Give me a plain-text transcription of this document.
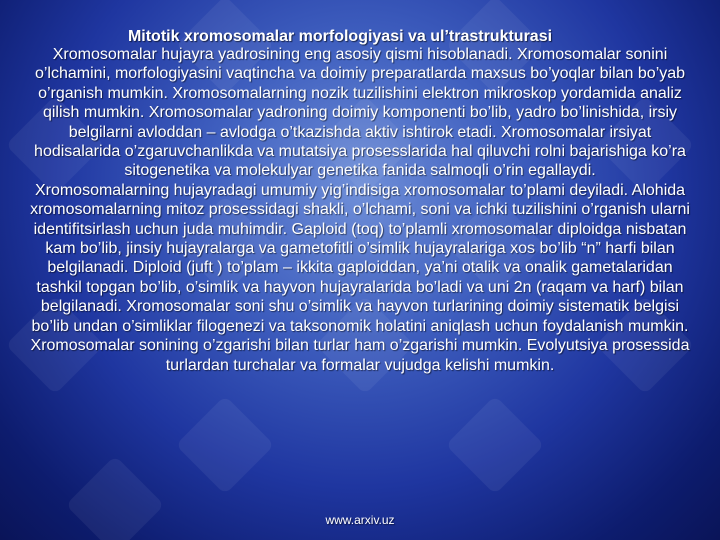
Mitotik xromosomalar morfologiyasi va ul’trastrukturasi

Xromosomalar hujayra yadrosining eng asosiy qismi hisoblanadi. Xromosomalar sonini o’lchamini, morfologiyasini vaqtincha va doimiy preparatlarda maxsus bo’yoqlar bilan bo’yab o’rganish mumkin. Xromosomalarning nozik tuzilishini elektron mikroskop yordamida analiz qilish mumkin. Xromosomalar yadroning doimiy komponenti bo’lib, yadro bo’linishida, irsiy belgilarni avloddan – avlodga o’tkazishda aktiv ishtirok etadi. Xromosomalar irsiyat hodisalarida o’zgaruvchanlikda va mutatsiya prosesslarida hal qiluvchi rolni bajarishiga ko’ra sitogenetika va molekulyar genetika fanida salmoqli o’rin egallaydi.

Xromosomalarning hujayradagi umumiy yig’indisiga xromosomalar to’plami deyiladi. Alohida xromosomalarning mitoz prosessidagi shakli, o’lchami, soni va ichki tuzilishini o’rganish ularni identifitsirlash uchun juda muhimdir. Gaploid (toq) to’plamli xromosomalar diploidga nisbatan kam bo’lib, jinsiy hujayralarga va gametofitli o’simlik hujayralariga xos bo’lib “n” harfi bilan belgilanadi. Diploid (juft ) to’plam – ikkita gaploiddan, ya’ni otalik va onalik gametalaridan tashkil topgan bo’lib, o’simlik va hayvon hujayralarida bo’ladi va uni 2n (raqam va harf) bilan belgilanadi. Xromosomalar soni shu o’simlik va hayvon turlarining doimiy sistematik belgisi bo’lib undan o’simliklar filogenezi va taksonomik holatini aniqlash uchun foydalanish mumkin. Xromosomalar sonining o’zgarishi bilan turlar ham o’zgarishi mumkin. Evolyutsiya prosessida turlardan turchalar va formalar vujudga kelishi mumkin.

www.arxiv.uz
